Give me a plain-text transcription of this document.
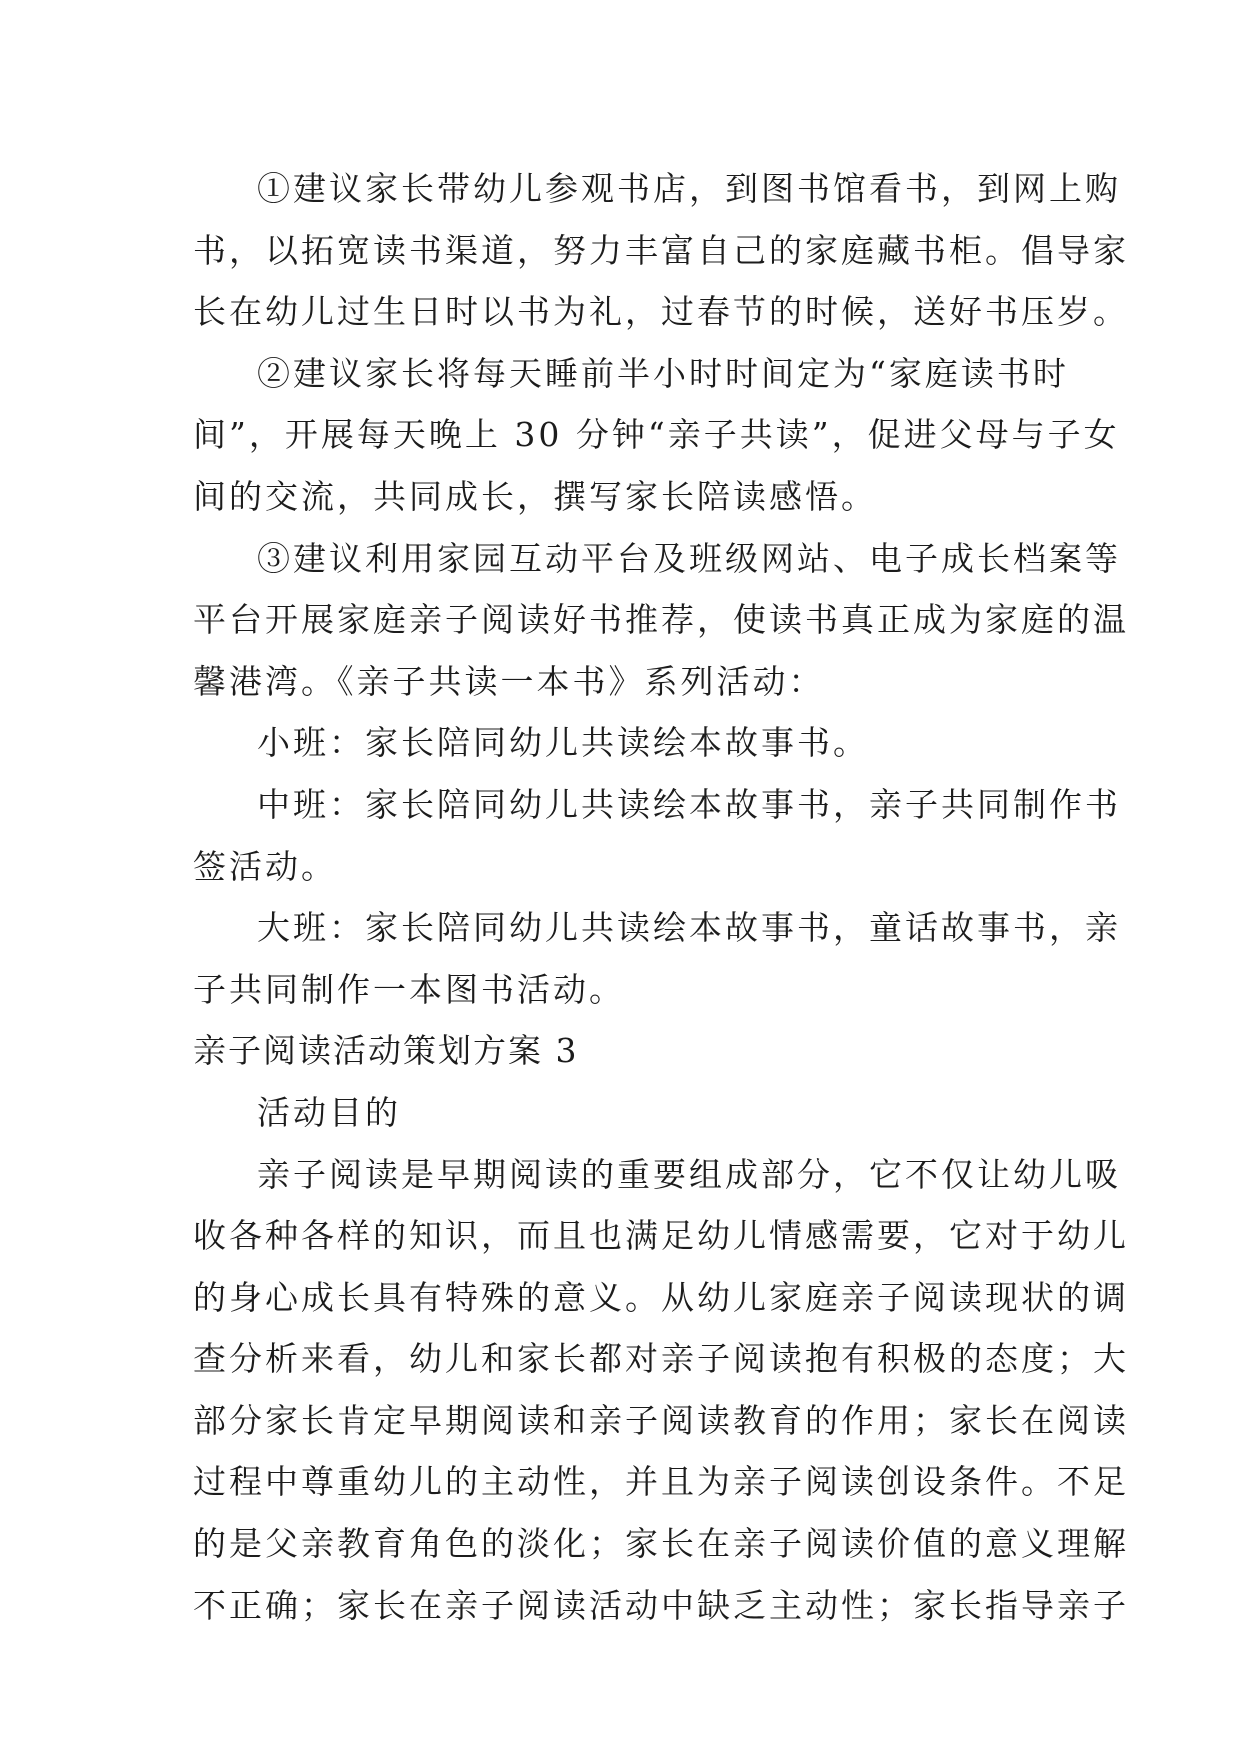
①建议家长带幼儿参观书店，到图书馆看书，到网上购
书，以拓宽读书渠道，努力丰富自己的家庭藏书柜。倡导家
长在幼儿过生日时以书为礼，过春节的时候，送好书压岁。
②建议家长将每天睡前半小时时间定为“家庭读书时
间”，开展每天晚上 30 分钟“亲子共读”，促进父母与子女
间的交流，共同成长，撰写家长陪读感悟。
③建议利用家园互动平台及班级网站、电子成长档案等
平台开展家庭亲子阅读好书推荐，使读书真正成为家庭的温
馨港湾。《亲子共读一本书》系列活动：
小班：家长陪同幼儿共读绘本故事书。
中班：家长陪同幼儿共读绘本故事书，亲子共同制作书
签活动。
大班：家长陪同幼儿共读绘本故事书，童话故事书，亲
子共同制作一本图书活动。
亲子阅读活动策划方案 3
活动目的
亲子阅读是早期阅读的重要组成部分，它不仅让幼儿吸
收各种各样的知识，而且也满足幼儿情感需要，它对于幼儿
的身心成长具有特殊的意义。从幼儿家庭亲子阅读现状的调
查分析来看，幼儿和家长都对亲子阅读抱有积极的态度；大
部分家长肯定早期阅读和亲子阅读教育的作用；家长在阅读
过程中尊重幼儿的主动性，并且为亲子阅读创设条件。不足
的是父亲教育角色的淡化；家长在亲子阅读价值的意义理解
不正确；家长在亲子阅读活动中缺乏主动性；家长指导亲子
